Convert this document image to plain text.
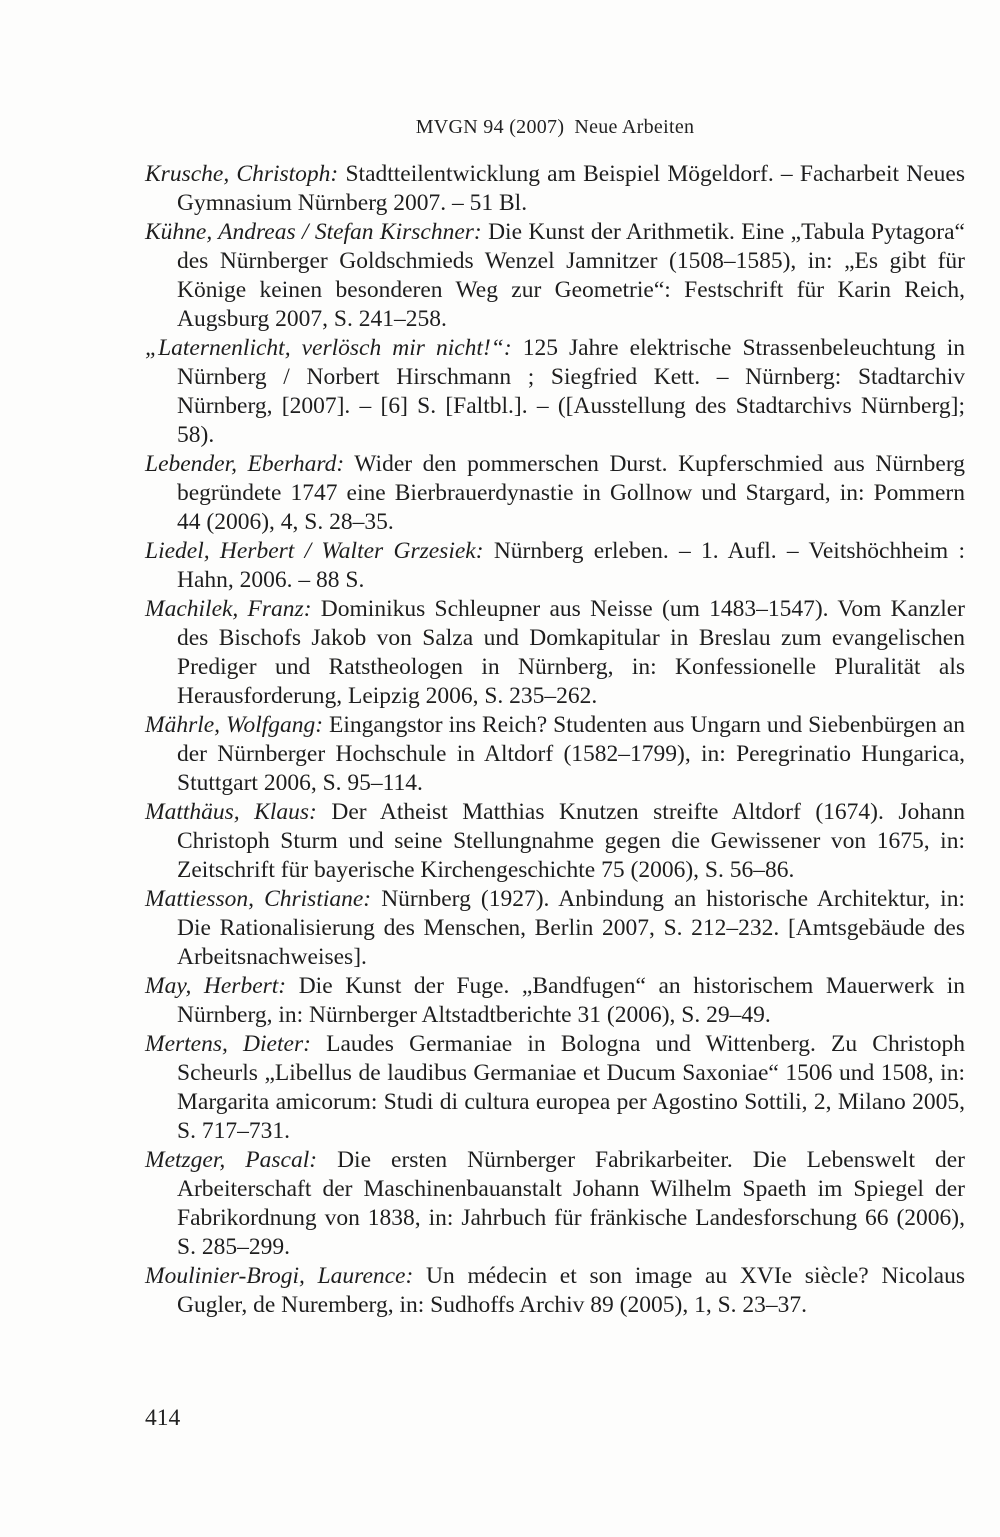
MVGN 94 (2007) Neue Arbeiten

Krusche, Christoph: Stadtteilentwicklung am Beispiel Mögeldorf. – Facharbeit Neues Gymnasium Nürnberg 2007. – 51 Bl.

Kühne, Andreas / Stefan Kirschner: Die Kunst der Arithmetik. Eine „Tabula Pytagora“ des Nürnberger Goldschmieds Wenzel Jamnitzer (1508–1585), in: „Es gibt für Könige keinen besonderen Weg zur Geometrie“: Festschrift für Karin Reich, Augsburg 2007, S. 241–258.

„Laternenlicht, verlösch mir nicht!“: 125 Jahre elektrische Strassenbeleuchtung in Nürnberg / Norbert Hirschmann ; Siegfried Kett. – Nürnberg: Stadtarchiv Nürnberg, [2007]. – [6] S. [Faltbl.]. – ([Ausstellung des Stadtarchivs Nürnberg]; 58).

Lebender, Eberhard: Wider den pommerschen Durst. Kupferschmied aus Nürnberg begründete 1747 eine Bierbrauerdynastie in Gollnow und Stargard, in: Pommern 44 (2006), 4, S. 28–35.

Liedel, Herbert / Walter Grzesiek: Nürnberg erleben. – 1. Aufl. – Veitshöchheim : Hahn, 2006. – 88 S.

Machilek, Franz: Dominikus Schleupner aus Neisse (um 1483–1547). Vom Kanzler des Bischofs Jakob von Salza und Domkapitular in Breslau zum evangelischen Prediger und Ratstheologen in Nürnberg, in: Konfessionelle Pluralität als Herausforderung, Leipzig 2006, S. 235–262.

Mährle, Wolfgang: Eingangstor ins Reich? Studenten aus Ungarn und Siebenbürgen an der Nürnberger Hochschule in Altdorf (1582–1799), in: Peregrinatio Hungarica, Stuttgart 2006, S. 95–114.

Matthäus, Klaus: Der Atheist Matthias Knutzen streifte Altdorf (1674). Johann Christoph Sturm und seine Stellungnahme gegen die Gewissener von 1675, in: Zeitschrift für bayerische Kirchengeschichte 75 (2006), S. 56–86.

Mattiesson, Christiane: Nürnberg (1927). Anbindung an historische Architektur, in: Die Rationalisierung des Menschen, Berlin 2007, S. 212–232. [Amtsgebäude des Arbeitsnachweises].

May, Herbert: Die Kunst der Fuge. „Bandfugen“ an historischem Mauerwerk in Nürnberg, in: Nürnberger Altstadtberichte 31 (2006), S. 29–49.

Mertens, Dieter: Laudes Germaniae in Bologna und Wittenberg. Zu Christoph Scheurls „Libellus de laudibus Germaniae et Ducum Saxoniae“ 1506 und 1508, in: Margarita amicorum: Studi di cultura europea per Agostino Sottili, 2, Milano 2005, S. 717–731.

Metzger, Pascal: Die ersten Nürnberger Fabrikarbeiter. Die Lebenswelt der Arbeiterschaft der Maschinenbauanstalt Johann Wilhelm Spaeth im Spiegel der Fabrikordnung von 1838, in: Jahrbuch für fränkische Landesforschung 66 (2006), S. 285–299.

Moulinier-Brogi, Laurence: Un médecin et son image au XVIe siècle? Nicolaus Gugler, de Nuremberg, in: Sudhoffs Archiv 89 (2005), 1, S. 23–37.

414
